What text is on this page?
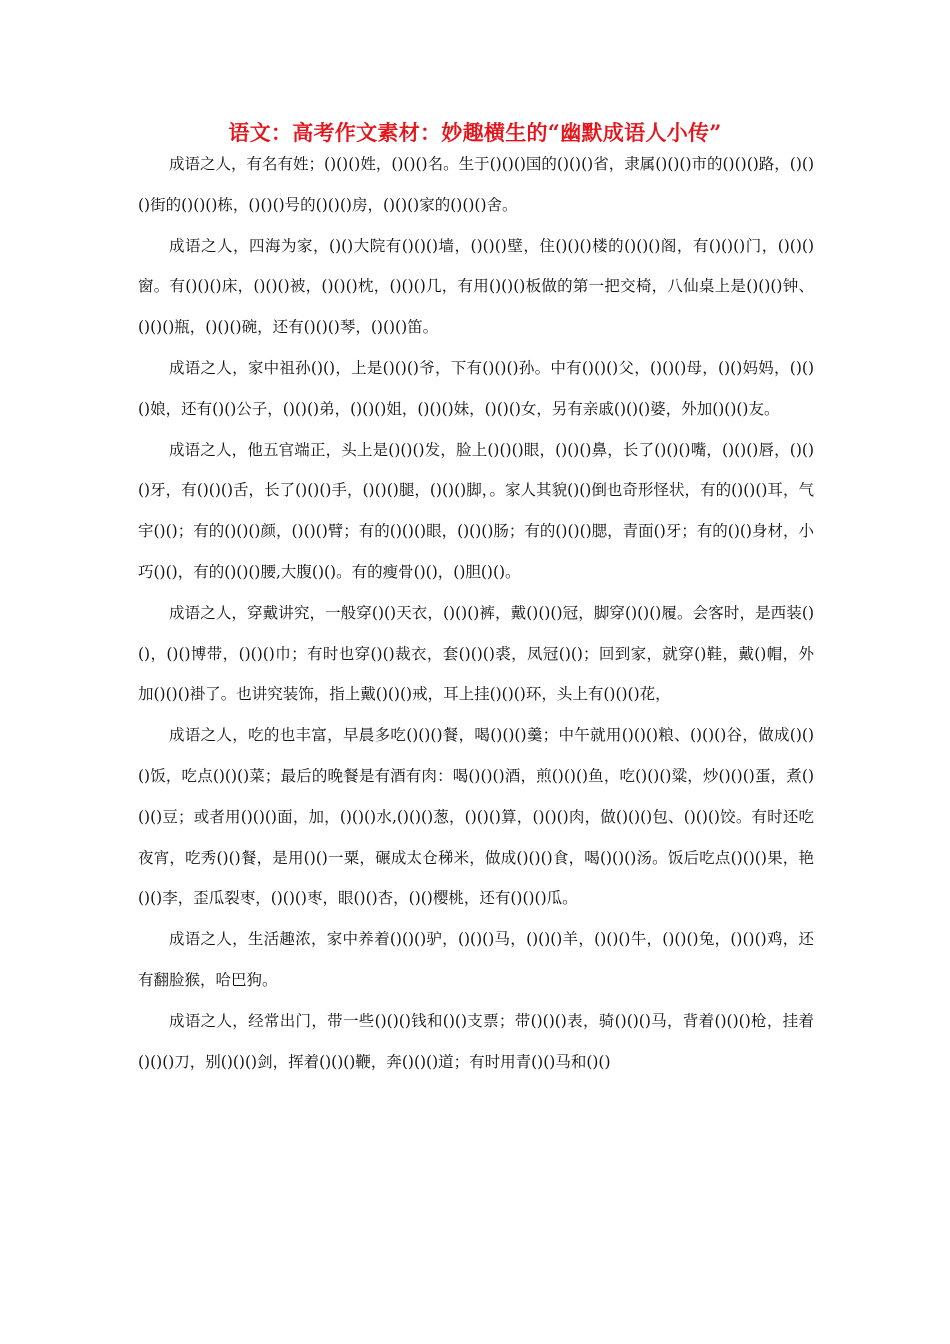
语文：高考作文素材：妙趣横生的“幽默成语人小传”

成语之人，有名有姓；()()()姓，()()()名。生于()()()国的()()()省，隶属()()()市的()()()路，()()()街的()()()栋，()()()号的()()()房，()()()家的()()()舍。

成语之人，四海为家，()()大院有()()()墙，()()()壁，住()()()楼的()()()阁，有()()()门，()()()窗。有()()()床，()()()被，()()()枕，()()()几，有用()()()板做的第一把交椅，八仙桌上是()()()钟、()()()瓶，()()()碗，还有()()()琴，()()()笛。

成语之人，家中祖孙()()，上是()()()爷，下有()()()孙。中有()()()父，()()()母，()()妈妈，()()()娘，还有()()公子，()()()弟，()()()姐，()()()妹，()()()女，另有亲戚()()()婆，外加()()()友。

成语之人，他五官端正，头上是()()()发，脸上()()()眼，()()()鼻，长了()()()嘴，()()()唇，()()()牙，有()()()舌，长了()()()手，()()()腿，()()()脚，。家人其貌()()倒也奇形怪状，有的()()()耳，气宇()()；有的()()()颜，()()()臂；有的()()()眼，()()()肠；有的()()()腮，青面()牙；有的()()身材，小巧()()，有的()()()腰,大腹()()。有的瘦骨()()，()胆()()。

成语之人，穿戴讲究，一般穿()()天衣，()()()裤，戴()()()冠，脚穿()()()履。会客时，是西装()()，()()博带，()()()巾；有时也穿()()裁衣，套()()()裘，凤冠()()；回到家，就穿()鞋，戴()帽，外加()()()褂了。也讲究装饰，指上戴()()()戒，耳上挂()()()环，头上有()()()花，

成语之人，吃的也丰富，早晨多吃()()()餐，喝()()()羹；中午就用()()()粮、()()()谷，做成()()()饭，吃点()()()菜；最后的晚餐是有酒有肉：喝()()()酒，煎()()()鱼，吃()()()粱，炒()()()蛋，煮()()()豆；或者用()()()面，加，()()()水,()()()葱，()()()算，()()()肉，做()()()包、()()()饺。有时还吃夜宵，吃秀()()餐，是用()()一粟，碾成太仓稊米，做成()()()食，喝()()()汤。饭后吃点()()()果，艳()()李，歪瓜裂枣，()()()枣，眼()()杏，()()樱桃，还有()()()瓜。

成语之人，生活趣浓，家中养着()()()驴，()()()马，()()()羊，()()()牛，()()()兔，()()()鸡，还有翻脸猴，哈巴狗。

成语之人，经常出门，带一些()()()钱和()()支票；带()()()表，骑()()()马，背着()()()枪，挂着()()()刀，别()()()剑，挥着()()()鞭，奔()()()道；有时用青()()马和()()
